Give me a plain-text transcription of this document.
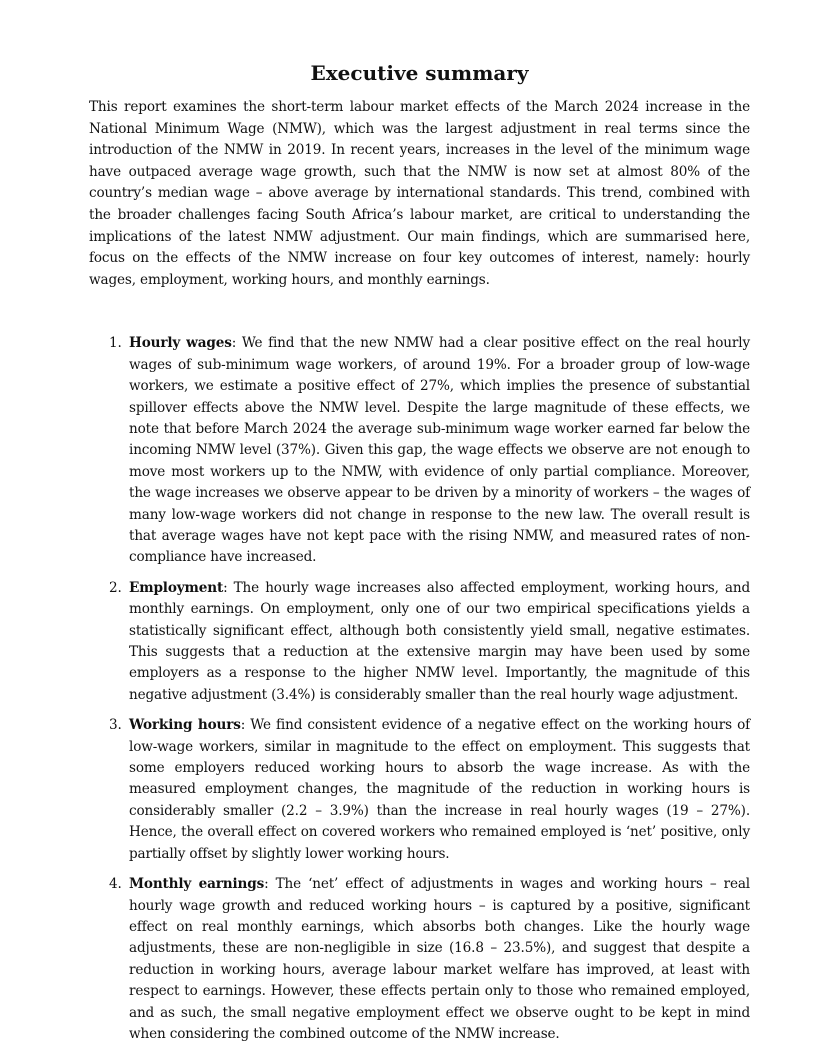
Executive summary

This report examines the short-term labour market effects of the March 2024 increase in the National Minimum Wage (NMW), which was the largest adjustment in real terms since the introduction of the NMW in 2019. In recent years, increases in the level of the minimum wage have outpaced average wage growth, such that the NMW is now set at almost 80% of the country’s median wage – above average by international standards. This trend, combined with the broader challenges facing South Africa’s labour market, are critical to understanding the implications of the latest NMW adjustment. Our main findings, which are summarised here, focus on the effects of the NMW increase on four key outcomes of interest, namely: hourly wages, employment, working hours, and monthly earnings.

1. Hourly wages: We find that the new NMW had a clear positive effect on the real hourly wages of sub-minimum wage workers, of around 19%. For a broader group of low-wage workers, we estimate a positive effect of 27%, which implies the presence of substantial spillover effects above the NMW level. Despite the large magnitude of these effects, we note that before March 2024 the average sub-minimum wage worker earned far below the incoming NMW level (37%). Given this gap, the wage effects we observe are not enough to move most workers up to the NMW, with evidence of only partial compliance. Moreover, the wage increases we observe appear to be driven by a minority of workers – the wages of many low-wage workers did not change in response to the new law. The overall result is that average wages have not kept pace with the rising NMW, and measured rates of non-compliance have increased.
2. Employment: The hourly wage increases also affected employment, working hours, and monthly earnings. On employment, only one of our two empirical specifications yields a statistically significant effect, although both consistently yield small, negative estimates. This suggests that a reduction at the extensive margin may have been used by some employers as a response to the higher NMW level. Importantly, the magnitude of this negative adjustment (3.4%) is considerably smaller than the real hourly wage adjustment.
3. Working hours: We find consistent evidence of a negative effect on the working hours of low-wage workers, similar in magnitude to the effect on employment. This suggests that some employers reduced working hours to absorb the wage increase. As with the measured employment changes, the magnitude of the reduction in working hours is considerably smaller (2.2 – 3.9%) than the increase in real hourly wages (19 – 27%). Hence, the overall effect on covered workers who remained employed is ‘net’ positive, only partially offset by slightly lower working hours.
4. Monthly earnings: The ‘net’ effect of adjustments in wages and working hours – real hourly wage growth and reduced working hours – is captured by a positive, significant effect on real monthly earnings, which absorbs both changes. Like the hourly wage adjustments, these are non-negligible in size (16.8 – 23.5%), and suggest that despite a reduction in working hours, average labour market welfare has improved, at least with respect to earnings. However, these effects pertain only to those who remained employed, and as such, the small negative employment effect we observe ought to be kept in mind when considering the combined outcome of the NMW increase.
